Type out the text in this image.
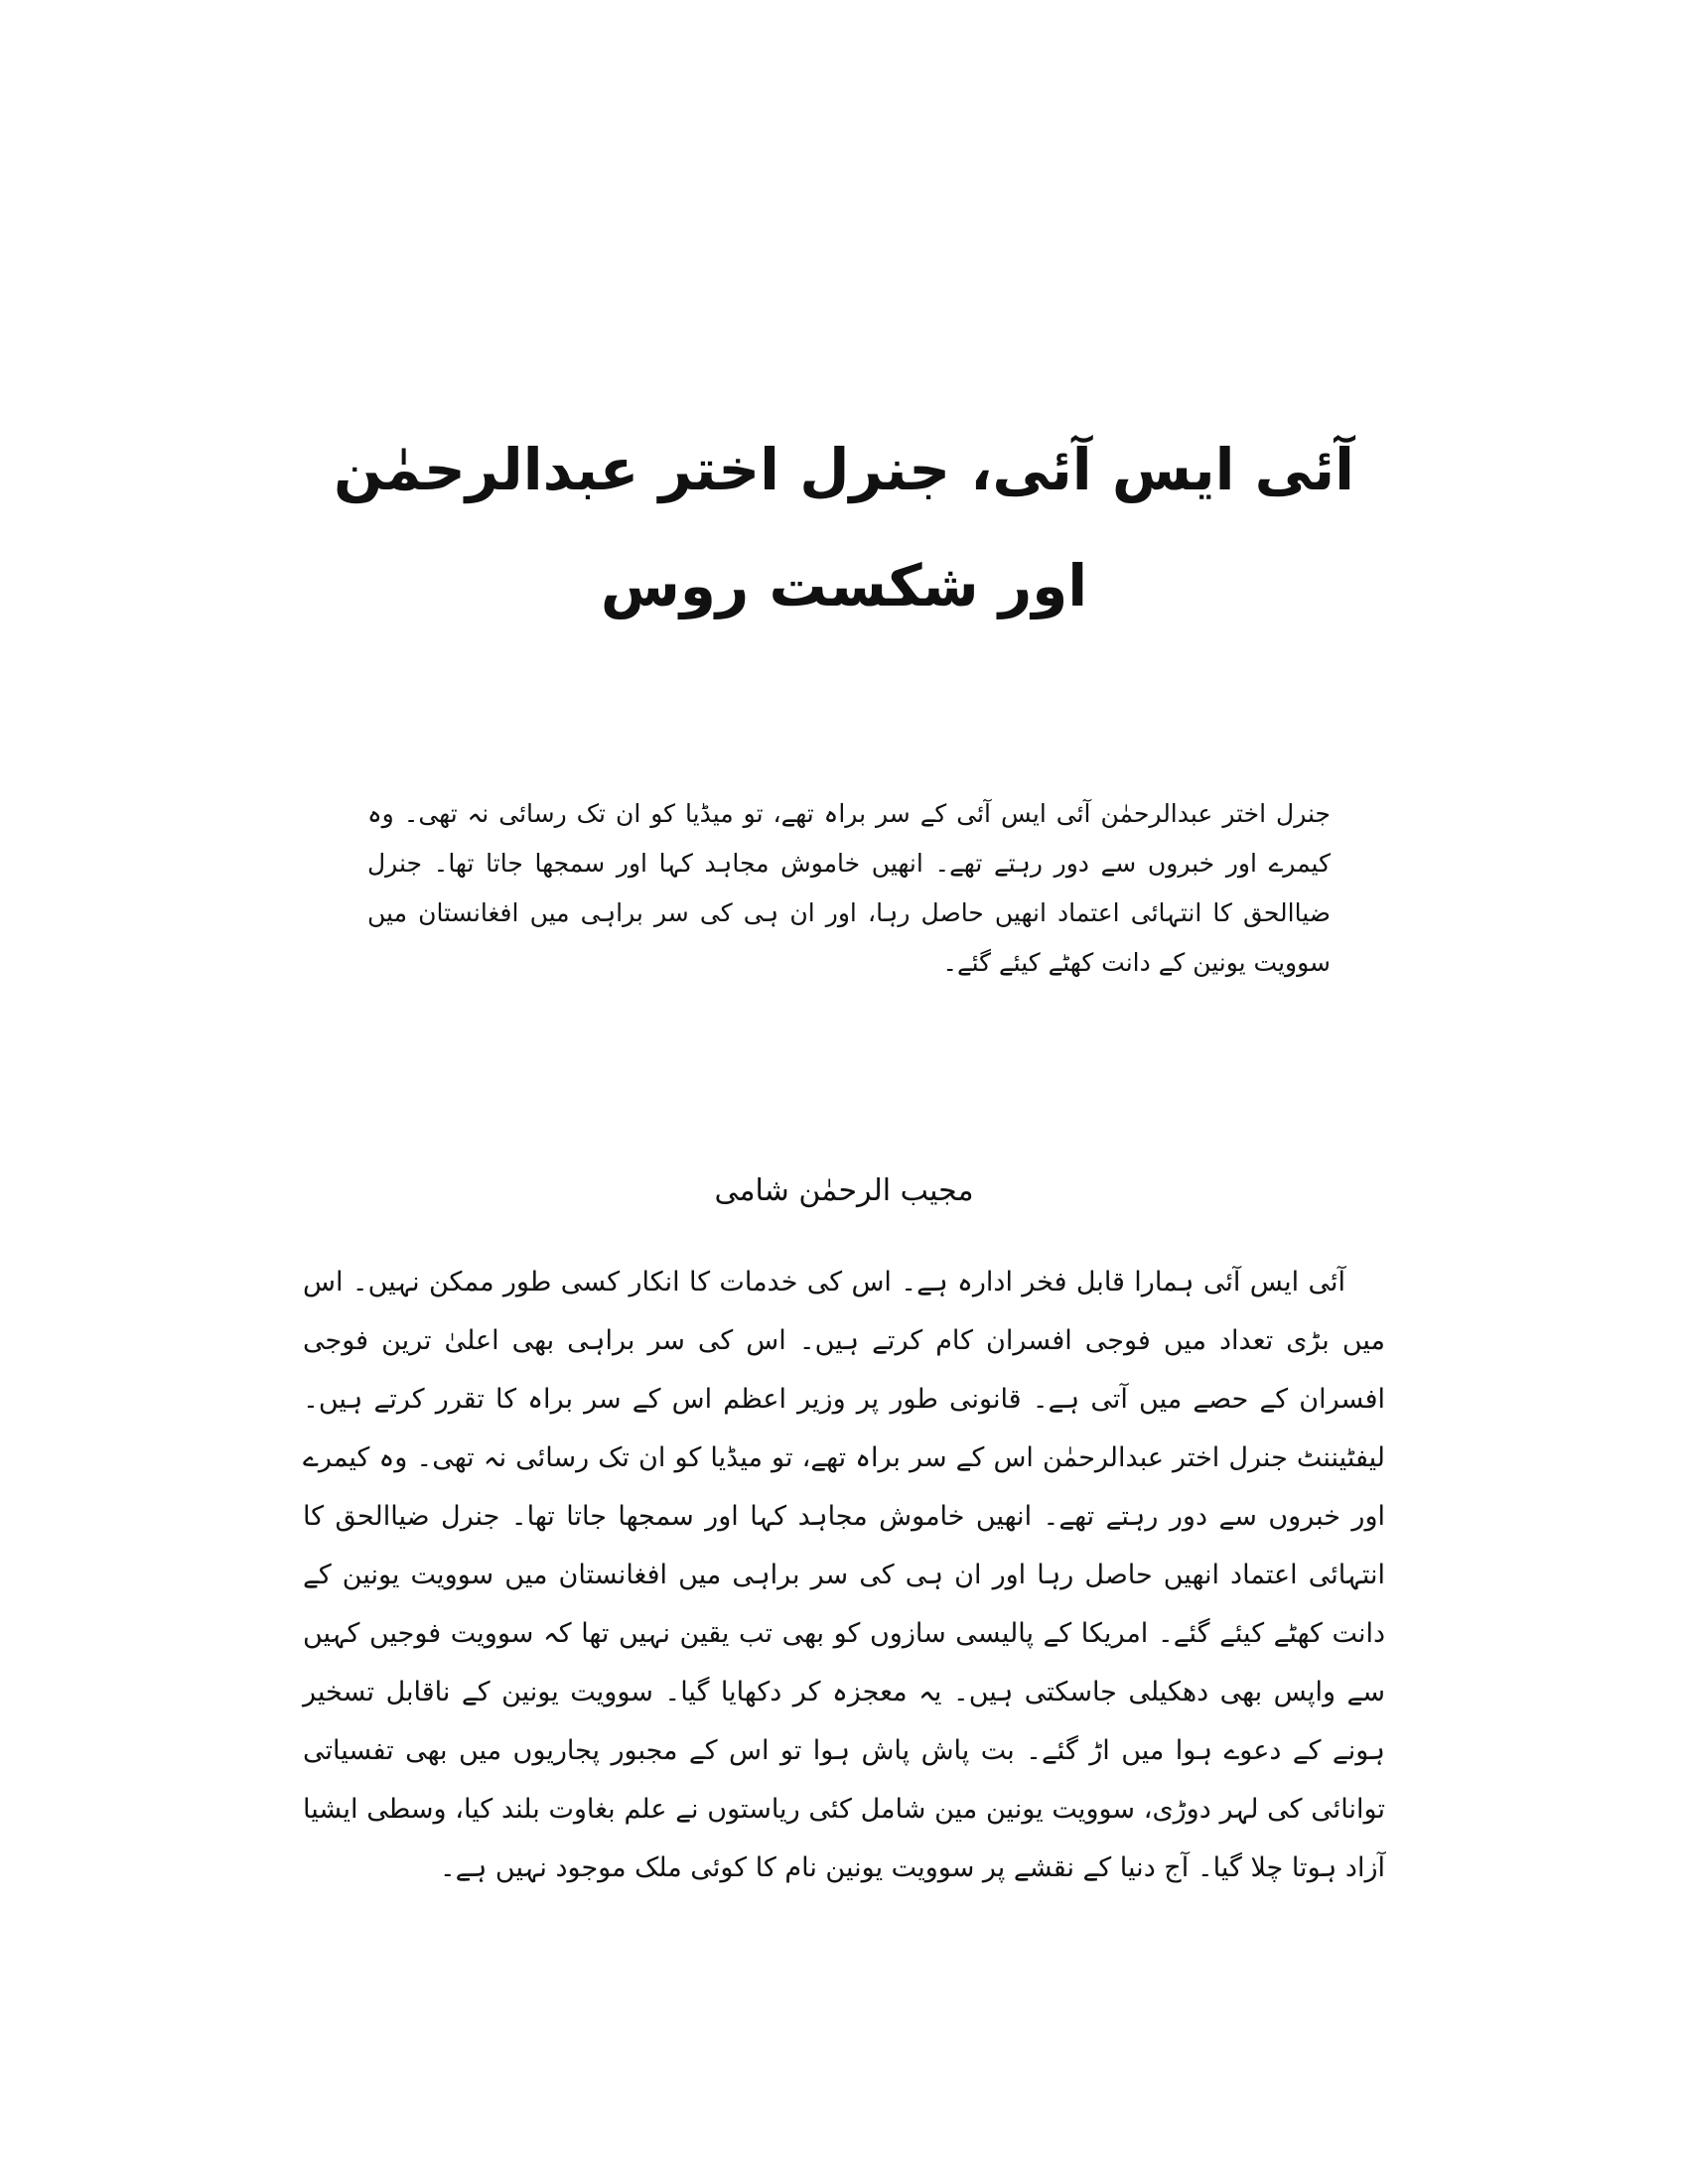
آئی ایس آئی، جنرل اختر عبدالرحمٰن

اور شکست روس

جنرل اختر عبدالرحمٰن آئی ایس آئی کے سر براہ تھے، تو میڈیا کو ان تک رسائی نہ تھی۔ وہ کیمرے اور خبروں سے دور رہتے تھے۔ انھیں خاموش مجاہد کہا اور سمجھا جاتا تھا۔ جنرل ضیاالحق کا انتہائی اعتماد انھیں حاصل رہا، اور ان ہی کی سر براہی میں افغانستان میں سوویت یونین کے دانت کھٹے کیئے گئے۔

مجیب الرحمٰن شامی

آئی ایس آئی ہمارا قابل فخر ادارہ ہے۔ اس کی خدمات کا انکار کسی طور ممکن نہیں۔ اس میں بڑی تعداد میں فوجی افسران کام کرتے ہیں۔ اس کی سر براہی بھی اعلیٰ ترین فوجی افسران کے حصے میں آتی ہے۔ قانونی طور پر وزیر اعظم اس کے سر براہ کا تقرر کرتے ہیں۔ لیفٹیننٹ جنرل اختر عبدالرحمٰن اس کے سر براہ تھے، تو میڈیا کو ان تک رسائی نہ تھی۔ وہ کیمرے اور خبروں سے دور رہتے تھے۔ انھیں خاموش مجاہد کہا اور سمجھا جاتا تھا۔ جنرل ضیاالحق کا انتہائی اعتماد انھیں حاصل رہا اور ان ہی کی سر براہی میں افغانستان میں سوویت یونین کے دانت کھٹے کیئے گئے۔ امریکا کے پالیسی سازوں کو بھی تب یقین نہیں تھا کہ سوویت فوجیں کہیں سے واپس بھی دھکیلی جاسکتی ہیں۔ یہ معجزہ کر دکھایا گیا۔ سوویت یونین کے ناقابل تسخیر ہونے کے دعوے ہوا میں اڑ گئے۔ بت پاش پاش ہوا تو اس کے مجبور پجاریوں میں بھی تفسیاتی توانائی کی لہر دوڑی، سوویت یونین مین شامل کئی ریاستوں نے علم بغاوت بلند کیا، وسطی ایشیا آزاد ہوتا چلا گیا۔ آج دنیا کے نقشے پر سوویت یونین نام کا کوئی ملک موجود نہیں ہے۔
